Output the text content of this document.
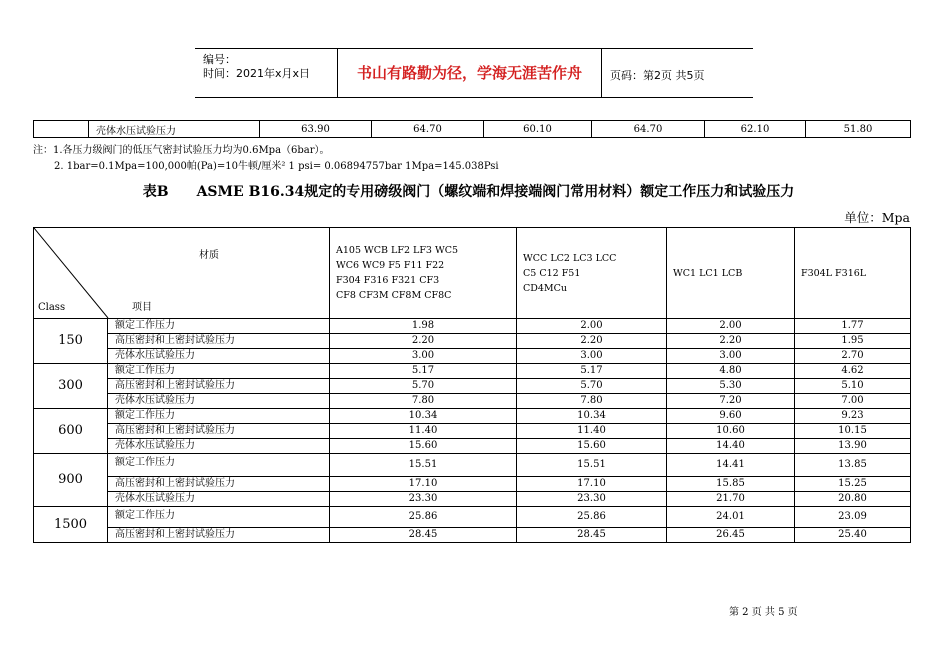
编号：
时间：2021年x月x日	书山有路勤为径，学海无涯苦作舟	页码：第2页 共5页
	壳体水压试验压力	63.90	64.70	60.10	64.70	62.10	51.80
注：1.各压力级阀门的低压气密封试验压力均为0.6Mpa（6bar）。
2. 1bar=0.1Mpa=100,000帕(Pa)=10牛顿/厘米² 1 psi= 0.06894757bar 1Mpa=145.038Psi
表B　　ASME B16.34规定的专用磅级阀门（螺纹端和焊接端阀门常用材料）额定工作压力和试验压力
单位：Mpa
材质
Class 项目		A105 WCB LF2 LF3 WC5
WC6 WC9 F5 F11 F22
F304 F316 F321 CF3
CF8 CF3M CF8M CF8C	WCC LC2 LC3 LCC
C5 C12 F51
CD4MCu	WC1 LC1 LCB	F304L F316L

150	额定工作压力	1.98	2.00	2.00	1.77
	高压密封和上密封试验压力	2.20	2.20	2.20	1.95
	壳体水压试验压力	3.00	3.00	3.00	2.70
300	额定工作压力	5.17	5.17	4.80	4.62
	高压密封和上密封试验压力	5.70	5.70	5.30	5.10
	壳体水压试验压力	7.80	7.80	7.20	7.00
600	额定工作压力	10.34	10.34	9.60	9.23
	高压密封和上密封试验压力	11.40	11.40	10.60	10.15
	壳体水压试验压力	15.60	15.60	14.40	13.90
900	额定工作压力	15.51	15.51	14.41	13.85
	高压密封和上密封试验压力	17.10	17.10	15.85	15.25
	壳体水压试验压力	23.30	23.30	21.70	20.80
1500	额定工作压力	25.86	25.86	24.01	23.09
	高压密封和上密封试验压力	28.45	28.45	26.45	25.40
第 2 页 共 5 页
